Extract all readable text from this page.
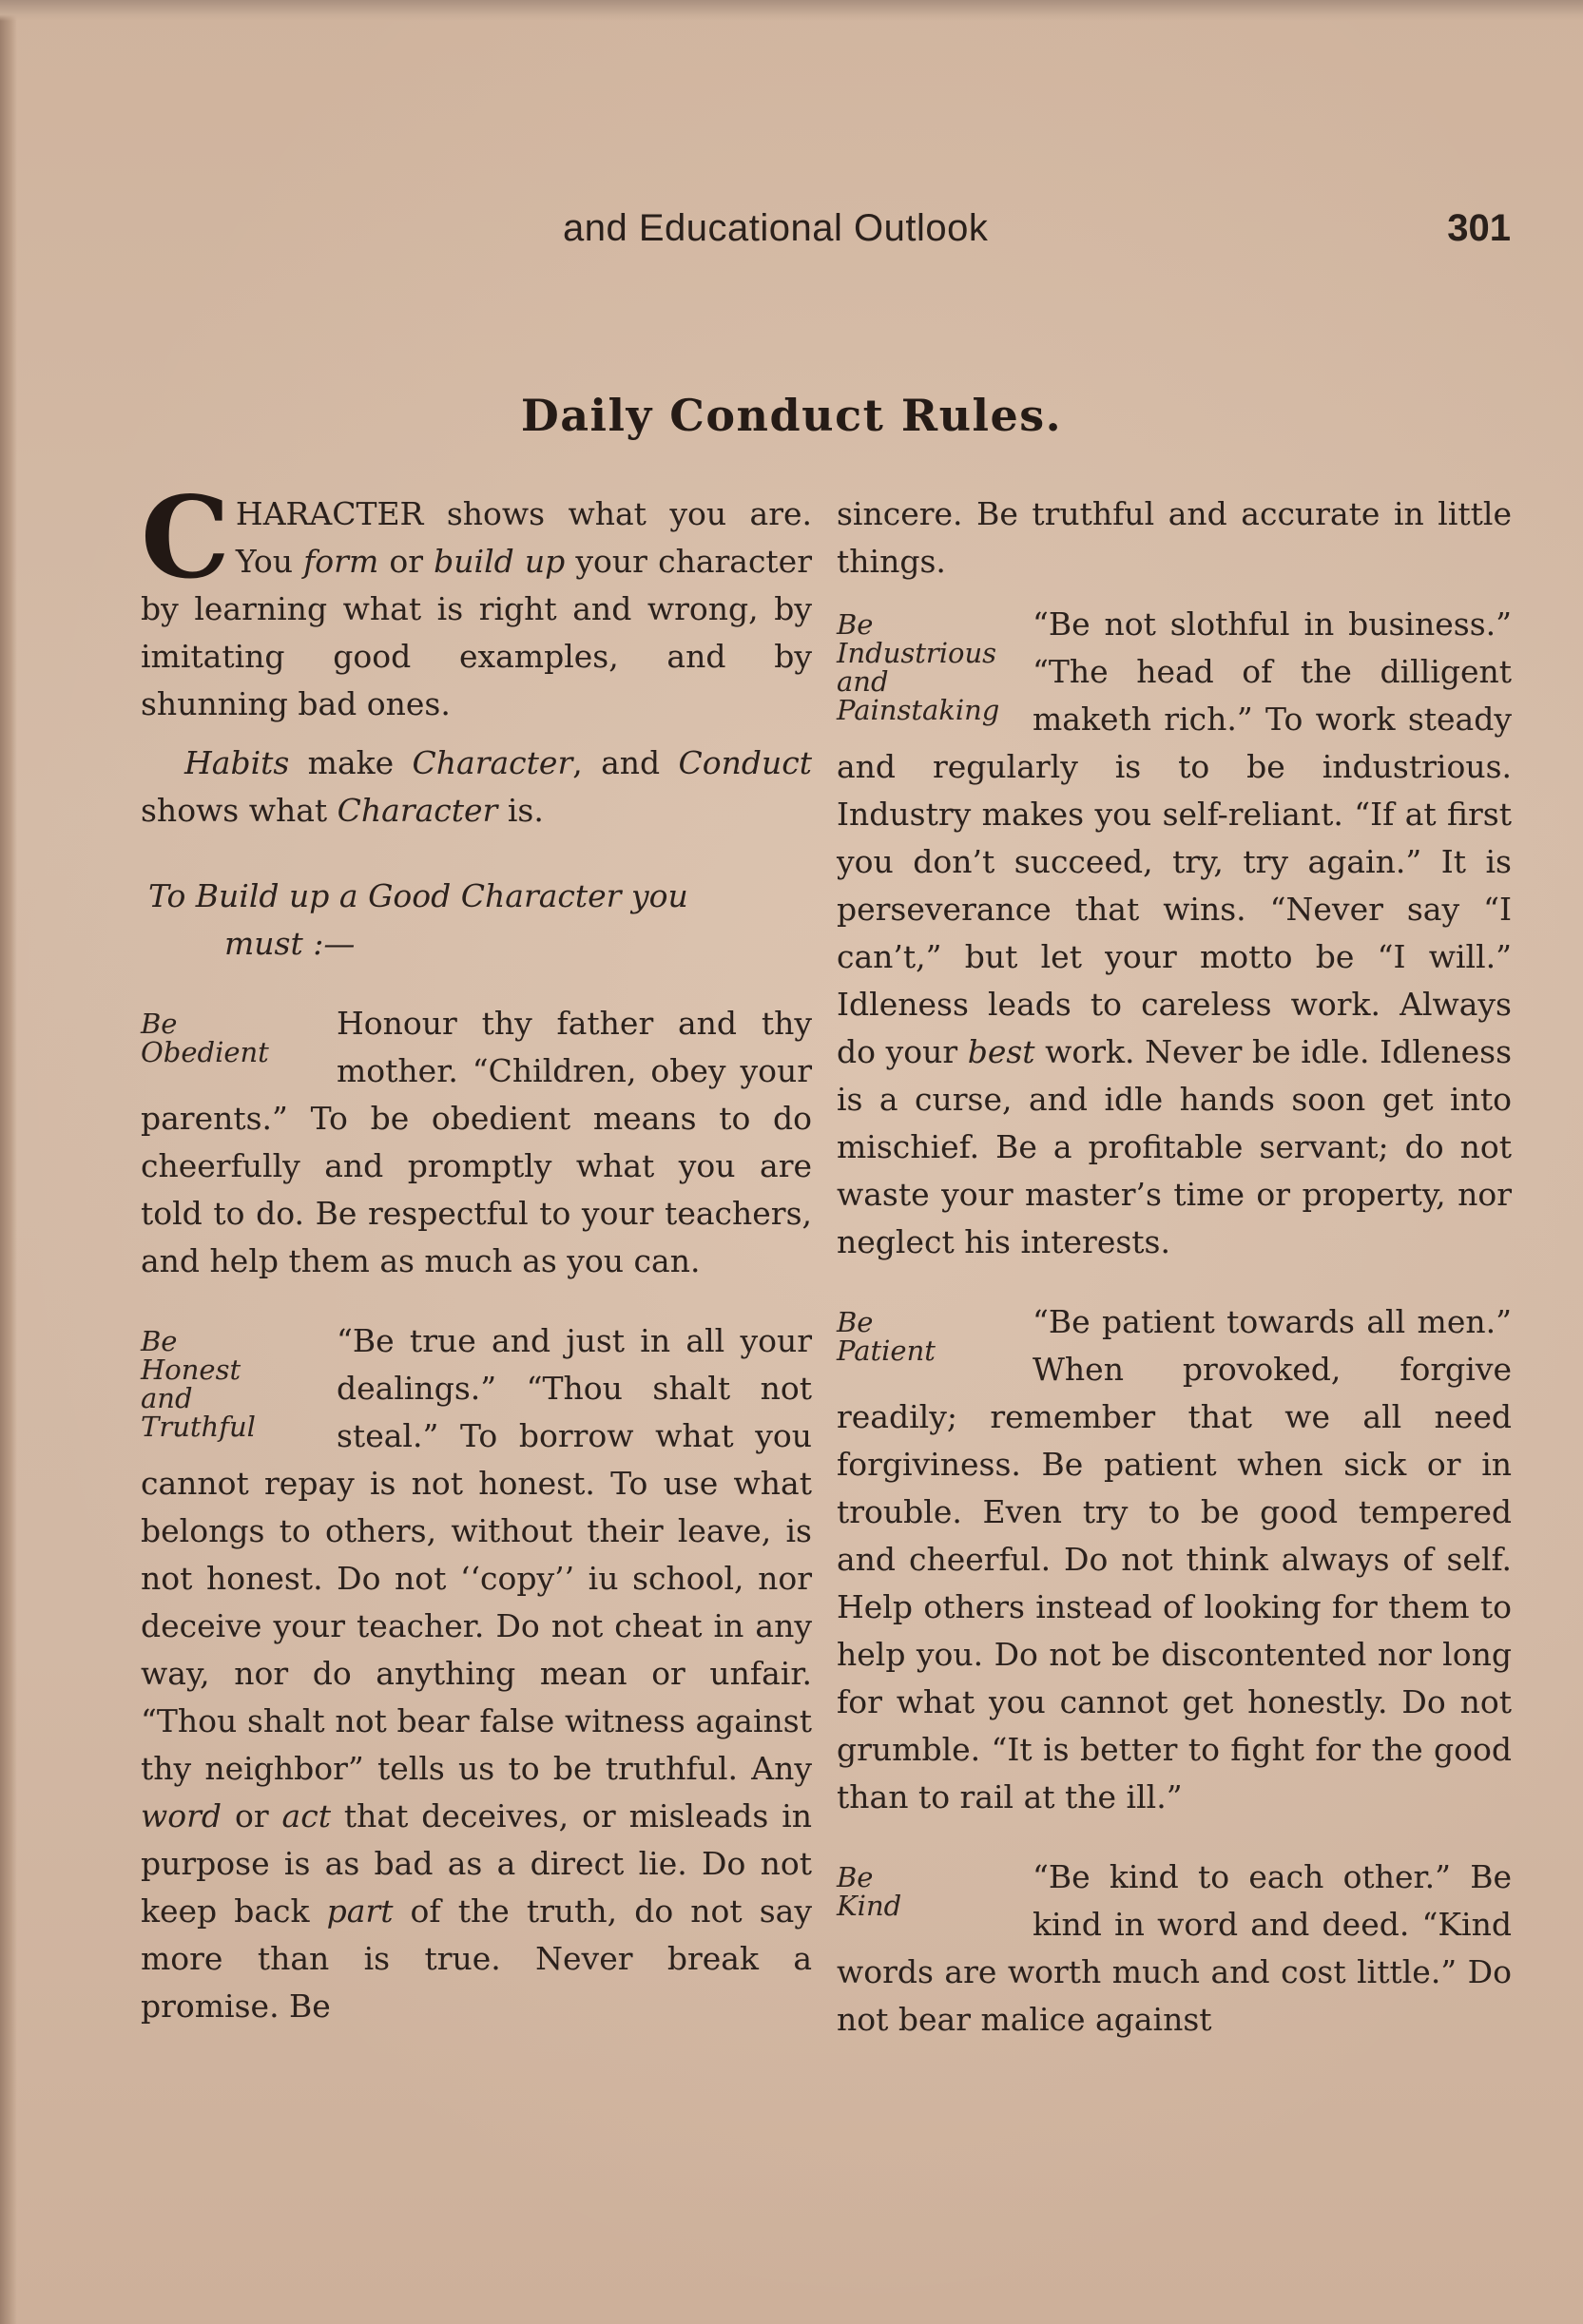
and Educational Outlook	301
Daily Conduct Rules.

CHARACTER shows what you are. You form or build up your character by learning what is right and wrong, by imitating good examples, and by shunning bad ones.

Habits make Character, and Conduct shows what Character is.

To Build up a Good Character you
must :—

Be
Obedient

Honour thy father and thy mother. “Children, obey your parents.” To be obedient means to do cheerfully and promptly what you are told to do. Be respectful to your teachers, and help them as much as you can.

Be
Honest
and
Truthful

“Be true and just in all your dealings.” “Thou shalt not steal.” To borrow what you cannot repay is not honest. To use what belongs to others, without their leave, is not honest. Do not ‘‘copy’’ iu school, nor deceive your teacher. Do not cheat in any way, nor do anything mean or unfair. “Thou shalt not bear false witness against thy neighbor” tells us to be truthful. Any word or act that deceives, or misleads in purpose is as bad as a direct lie. Do not keep back part of the truth, do not say more than is true. Never break a promise. Be

sincere. Be truthful and accurate in little things.

Be
Industrious
and
Painstaking

“Be not slothful in business.” “The head of the dilligent maketh rich.” To work steady and regularly is to be industrious. Industry makes you self-reliant. “If at first you don’t succeed, try, try again.” It is perseverance that wins. “Never say “I can’t,” but let your motto be “I will.” Idleness leads to careless work. Always do your best work. Never be idle. Idleness is a curse, and idle hands soon get into mischief. Be a profitable servant; do not waste your master’s time or property, nor neglect his interests.

Be
Patient

“Be patient towards all men.” When provoked, forgive readily; remember that we all need forgiviness. Be patient when sick or in trouble. Even try to be good tempered and cheerful. Do not think always of self. Help others instead of looking for them to help you. Do not be discontented nor long for what you cannot get honestly. Do not grumble. “It is better to fight for the good than to rail at the ill.”

Be
Kind

“Be kind to each other.” Be kind in word and deed. “Kind words are worth much and cost little.” Do not bear malice against
